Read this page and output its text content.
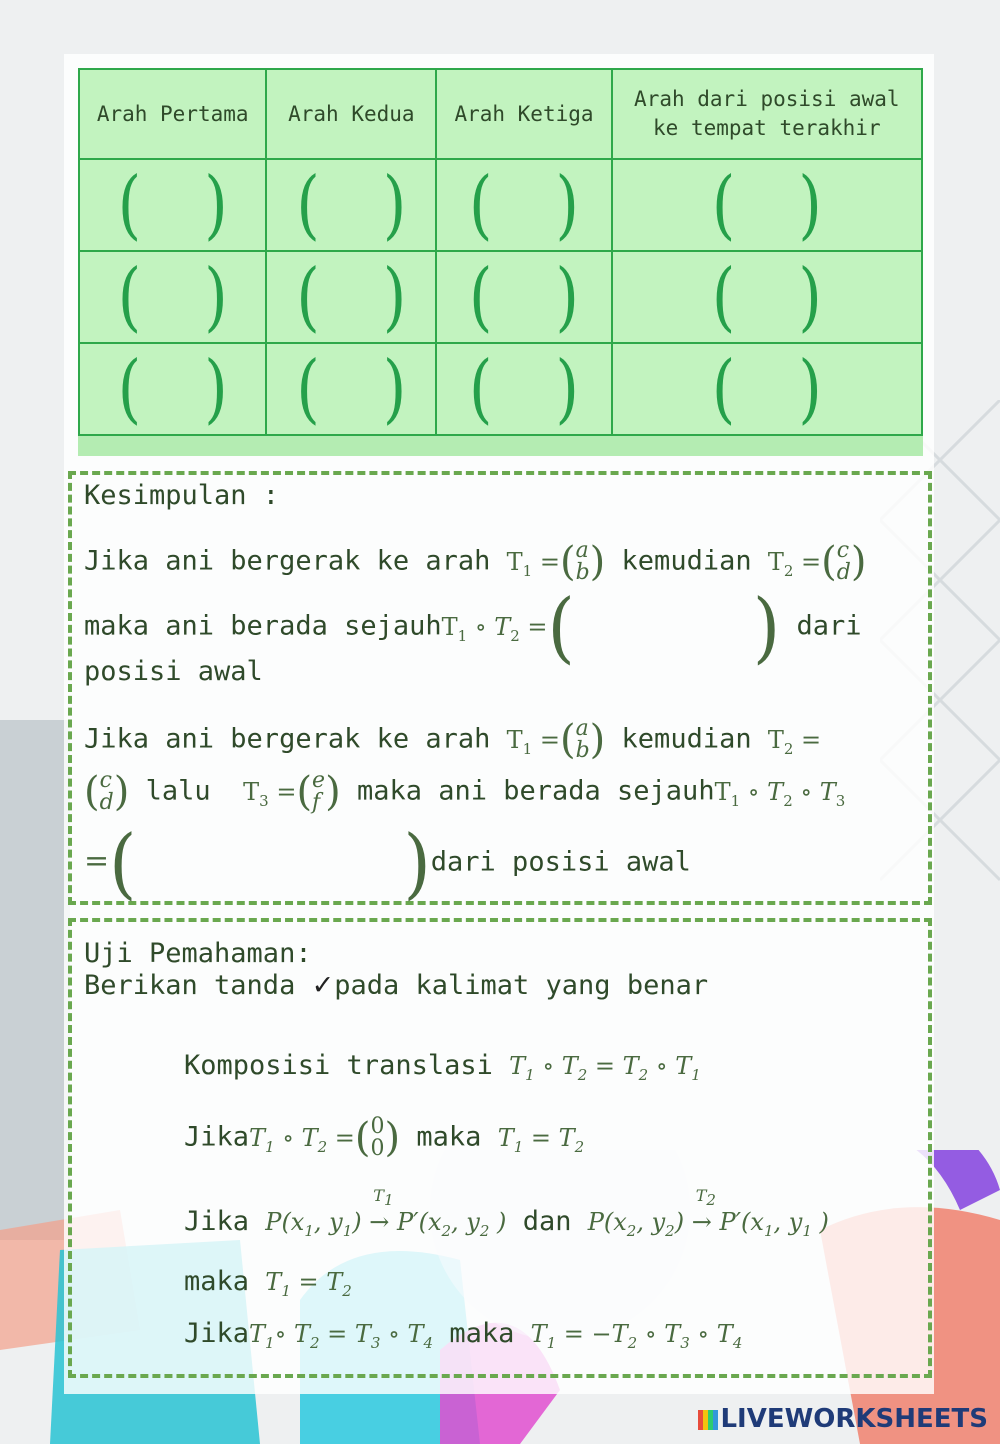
Arah Pertama	Arah Kedua	Arah Ketiga	Arah dari posisi awal ke tempat terakhir
( )	( )	( )	( )
( )	( )	( )	( )
( )	( )	( )	( )
Kesimpulan :
Jika ani bergerak ke arah $T_1$ = ( a
b ) kemudian $T_2$ = ( c
d )
maka ani berada sejauhT$_1$ ∘ $T_2$ =(        ) dari
posisi awal
Jika ani bergerak ke arah $T_1$ = ( a
b ) kemudian $T_2$ =
( c
d ) lalu $T_3$ = ( e
f ) maka ani berada sejauhT$_1$ ∘ $T_2$ ∘ $T_3$
=(            )dari posisi awal
Uji Pemahaman:
Berikan tanda ✓pada kalimat yang benar
Komposisi translasi $T_1$ ∘ $T_2 = T_2$ ∘ $T_1$
JikaT$_1$ ∘ $T_2$ = ( 0
0 ) maka $T_1 = T_2$
Jika $P(x_1$, $y_1$) →
$T_1$
$P'(x_2$, $y_2$ ) dan $P(x_2$, $y_2$) →
$T_2$
$P'(x_1$, $y_1$ )
maka $T_1 = T_2$
JikaT$_1$∘ $T_2 = T_3$ ∘ $T_4$ maka $T_1 = -T_2$ ∘ $T_3$ ∘ $T_4$
LIVEWORKSHEETS
